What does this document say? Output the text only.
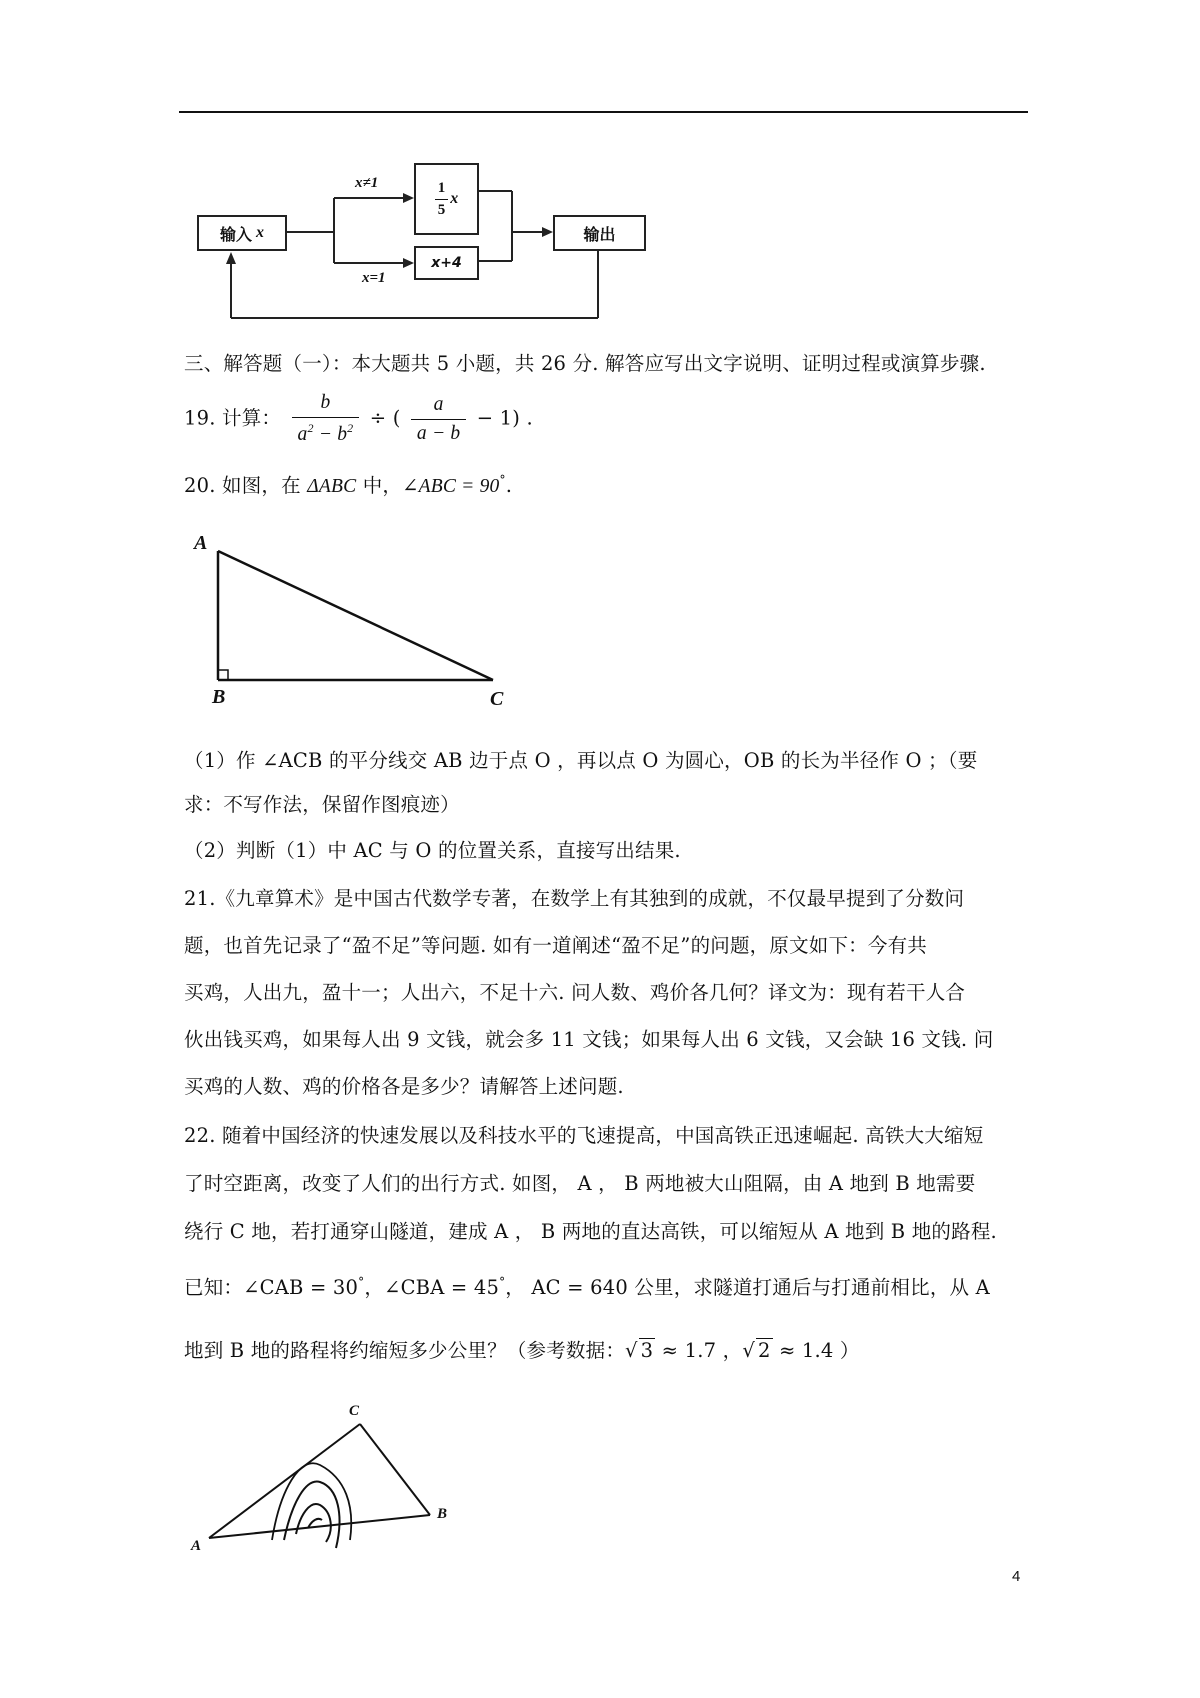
输入 x
x≠1
x=1
$\frac{1}{5}$ x
x+4
输出
三、解答题（一）：本大题共 5 小题，共 26 分. 解答应写出文字说明、证明过程或演算步骤.
19. 计算： $\frac{b}{a^2 - b^2}$ ÷ ( $\frac{a}{a - b} - 1$) .
20. 如图，在 ΔABC 中，∠ABC = 90°.
A
B	C
（1）作 ∠ACB 的平分线交 AB 边于点 O ，再以点 O 为圆心，OB 的长为半径作 O ；（要
求：不写作法，保留作图痕迹）
（2）判断（1）中 AC 与 O 的位置关系，直接写出结果.
21.《九章算术》是中国古代数学专著，在数学上有其独到的成就，不仅最早提到了分数问
题，也首先记录了“盈不足”等问题. 如有一道阐述“盈不足”的问题，原文如下：今有共
买鸡，人出九，盈十一；人出六，不足十六. 问人数、鸡价各几何？译文为：现有若干人合
伙出钱买鸡，如果每人出 9 文钱，就会多 11 文钱；如果每人出 6 文钱，又会缺 16 文钱. 问
买鸡的人数、鸡的价格各是多少？请解答上述问题.
22. 随着中国经济的快速发展以及科技水平的飞速提高，中国高铁正迅速崛起. 高铁大大缩短
了时空距离，改变了人们的出行方式. 如图， A ， B 两地被大山阻隔，由 A 地到 B 地需要
绕行 C 地，若打通穿山隧道，建成 A ， B 两地的直达高铁，可以缩短从 A 地到 B 地的路程.
已知：∠CAB = 30°，∠CBA = 45°， AC = 640 公里，求隧道打通后与打通前相比，从 A
地到 B 地的路程将约缩短多少公里？（参考数据：√ 3 ≈ 1.7 ，√ 2 ≈ 1.4 ）
C
A
B
4
